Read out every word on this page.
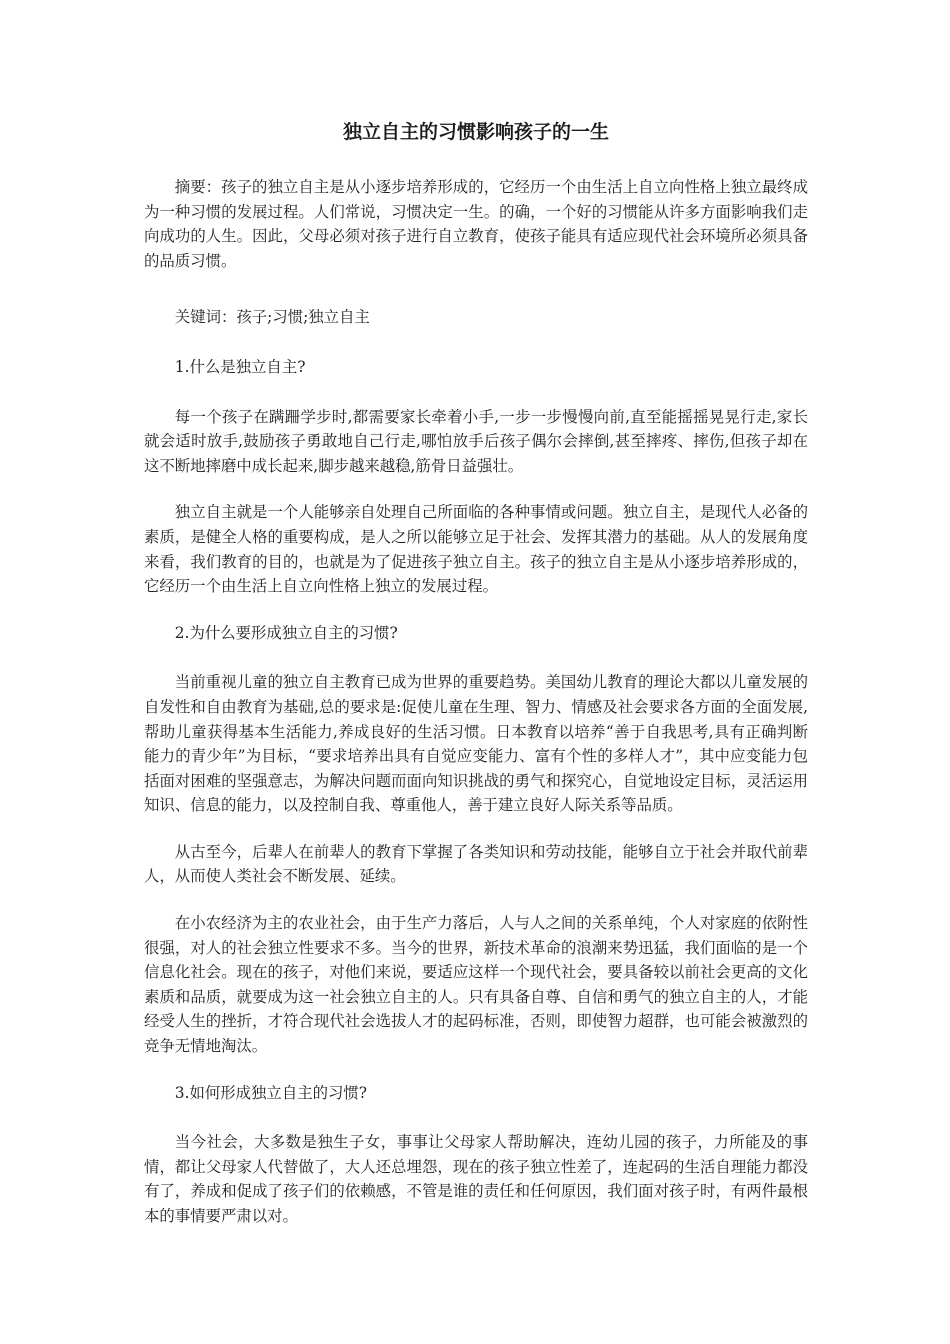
独立自主的习惯影响孩子的一生

摘要：孩子的独立自主是从小逐步培养形成的，它经历一个由生活上自立向性格上独立最终成为一种习惯的发展过程。人们常说，习惯决定一生。的确，一个好的习惯能从许多方面影响我们走向成功的人生。因此，父母必须对孩子进行自立教育，使孩子能具有适应现代社会环境所必须具备的品质习惯。

关键词：孩子;习惯;独立自主

1.什么是独立自主?

每一个孩子在蹒跚学步时,都需要家长牵着小手,一步一步慢慢向前,直至能摇摇晃晃行走,家长就会适时放手,鼓励孩子勇敢地自己行走,哪怕放手后孩子偶尔会摔倒,甚至摔疼、摔伤,但孩子却在这不断地摔磨中成长起来,脚步越来越稳,筋骨日益强壮。

独立自主就是一个人能够亲自处理自己所面临的各种事情或问题。独立自主，是现代人必备的素质，是健全人格的重要构成，是人之所以能够立足于社会、发挥其潜力的基础。从人的发展角度来看，我们教育的目的，也就是为了促进孩子独立自主。孩子的独立自主是从小逐步培养形成的，它经历一个由生活上自立向性格上独立的发展过程。

2.为什么要形成独立自主的习惯?

当前重视儿童的独立自主教育已成为世界的重要趋势。美国幼儿教育的理论大都以儿童发展的自发性和自由教育为基础,总的要求是:促使儿童在生理、智力、情感及社会要求各方面的全面发展,帮助儿童获得基本生活能力,养成良好的生活习惯。日本教育以培养“善于自我思考,具有正确判断能力的青少年”为目标，“要求培养出具有自觉应变能力、富有个性的多样人才”，其中应变能力包括面对困难的坚强意志，为解决问题而面向知识挑战的勇气和探究心，自觉地设定目标，灵活运用知识、信息的能力，以及控制自我、尊重他人，善于建立良好人际关系等品质。

从古至今，后辈人在前辈人的教育下掌握了各类知识和劳动技能，能够自立于社会并取代前辈人，从而使人类社会不断发展、延续。

在小农经济为主的农业社会，由于生产力落后，人与人之间的关系单纯，个人对家庭的依附性很强，对人的社会独立性要求不多。当今的世界，新技术革命的浪潮来势迅猛，我们面临的是一个信息化社会。现在的孩子，对他们来说，要适应这样一个现代社会，要具备较以前社会更高的文化素质和品质，就要成为这一社会独立自主的人。只有具备自尊、自信和勇气的独立自主的人，才能经受人生的挫折，才符合现代社会选拔人才的起码标准，否则，即使智力超群，也可能会被激烈的竞争无情地淘汰。

3.如何形成独立自主的习惯?

当今社会，大多数是独生子女，事事让父母家人帮助解决，连幼儿园的孩子，力所能及的事情，都让父母家人代替做了，大人还总埋怨，现在的孩子独立性差了，连起码的生活自理能力都没有了，养成和促成了孩子们的依赖感，不管是谁的责任和任何原因，我们面对孩子时，有两件最根本的事情要严肃以对。
